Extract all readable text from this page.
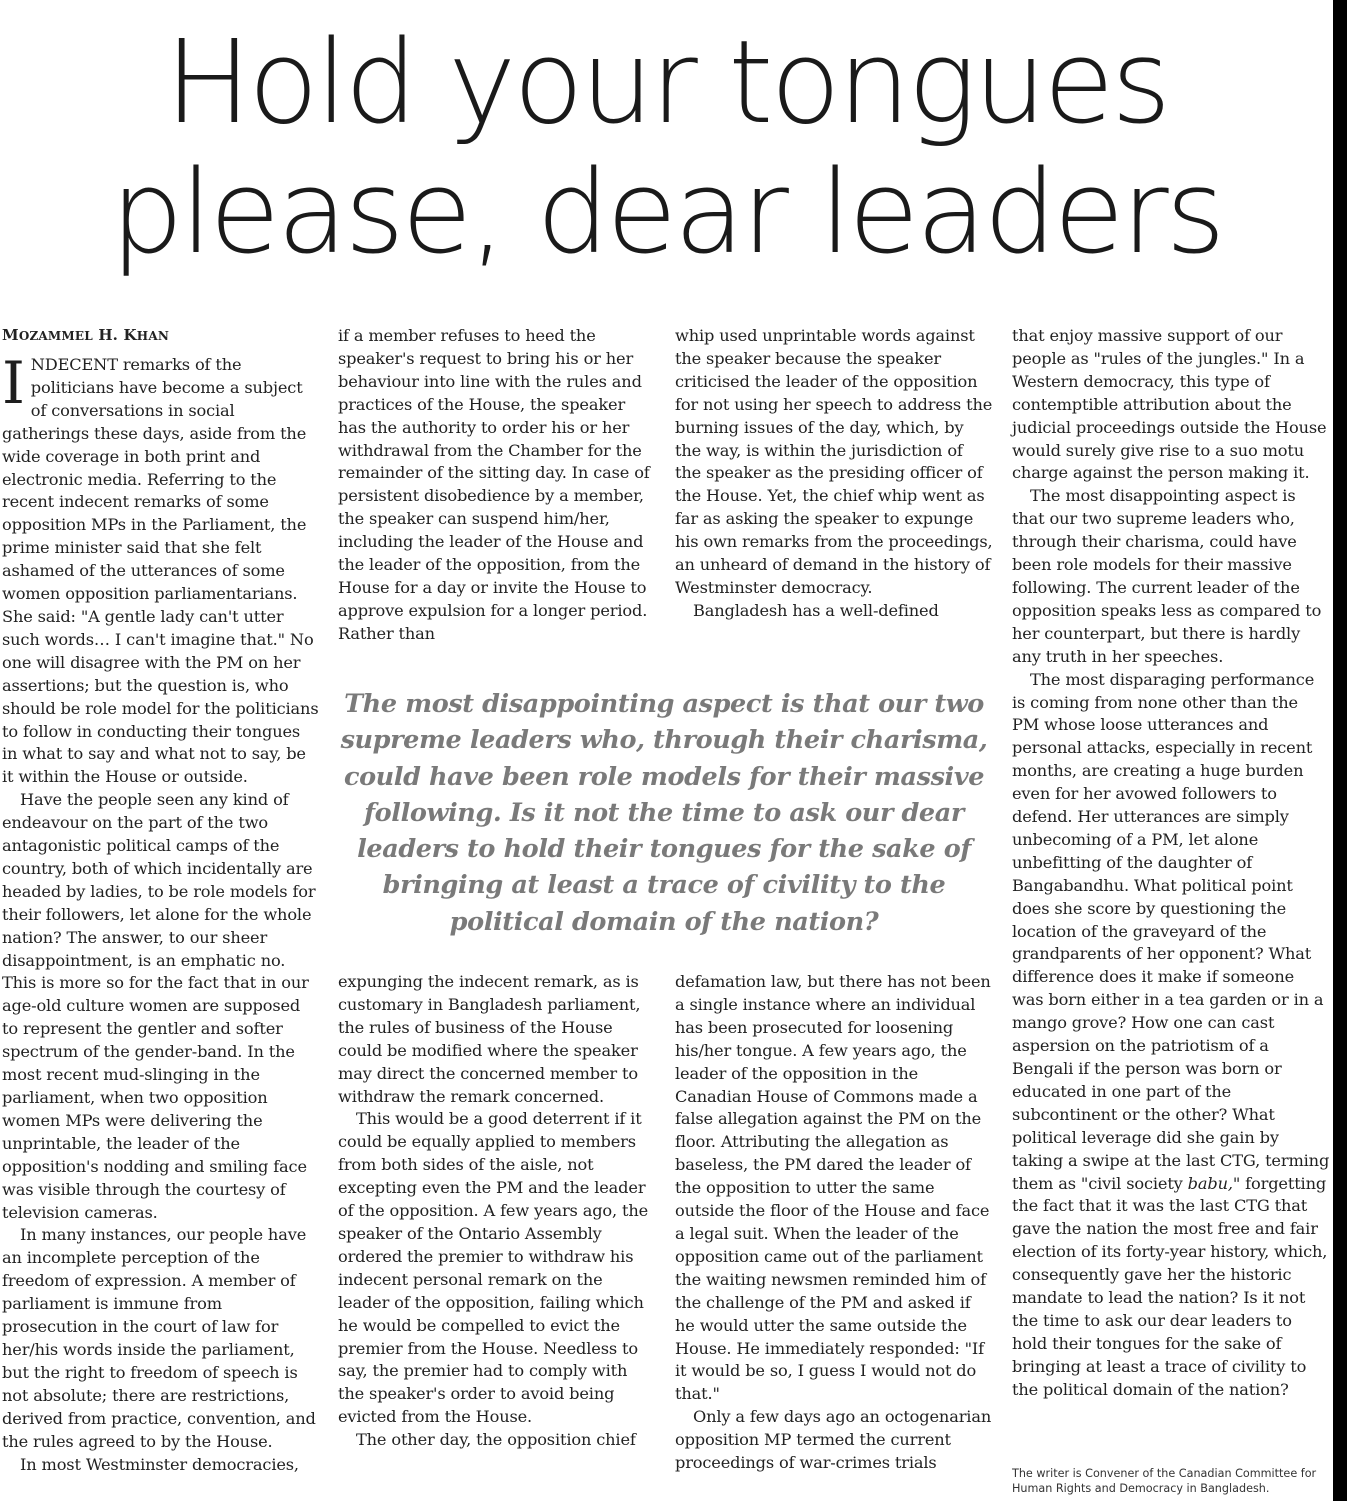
Hold your tongues
please, dear leaders
MOZAMMEL H. KHAN

INDECENT remarks of the politicians have become a subject of conversations in social gatherings these days, aside from the wide coverage in both print and electronic media. Referring to the recent indecent remarks of some opposition MPs in the Parliament, the prime minister said that she felt ashamed of the utterances of some women opposition parliamentarians. She said: "A gentle lady can't utter such words… I can't imagine that." No one will disagree with the PM on her assertions; but the question is, who should be role model for the politicians to follow in conducting their tongues in what to say and what not to say, be it within the House or outside.

Have the people seen any kind of endeavour on the part of the two antagonistic political camps of the country, both of which incidentally are headed by ladies, to be role models for their followers, let alone for the whole nation? The answer, to our sheer disappointment, is an emphatic no. This is more so for the fact that in our age-old culture women are supposed to represent the gentler and softer spectrum of the gender-band. In the most recent mud-slinging in the parliament, when two opposition women MPs were delivering the unprintable, the leader of the opposition's nodding and smiling face was visible through the courtesy of television cameras.

In many instances, our people have an incomplete perception of the freedom of expression. A member of parliament is immune from prosecution in the court of law for her/his words inside the parliament, but the right to freedom of speech is not absolute; there are restrictions, derived from practice, convention, and the rules agreed to by the House.

In most Westminster democracies,

if a member refuses to heed the speaker's request to bring his or her behaviour into line with the rules and practices of the House, the speaker has the authority to order his or her withdrawal from the Chamber for the remainder of the sitting day. In case of persistent disobedience by a member, the speaker can suspend him/her, including the leader of the House and the leader of the opposition, from the House for a day or invite the House to approve expulsion for a longer period. Rather than

whip used unprintable words against the speaker because the speaker criticised the leader of the opposition for not using her speech to address the burning issues of the day, which, by the way, is within the jurisdiction of the speaker as the presiding officer of the House. Yet, the chief whip went as far as asking the speaker to expunge his own remarks from the proceedings, an unheard of demand in the history of Westminster democracy.

Bangladesh has a well-defined

The most disappointing aspect is that our two supreme leaders who, through their charisma, could have been role models for their massive following. Is it not the time to ask our dear leaders to hold their tongues for the sake of bringing at least a trace of civility to the political domain of the nation?

expunging the indecent remark, as is customary in Bangladesh parliament, the rules of business of the House could be modified where the speaker may direct the concerned member to withdraw the remark concerned.

This would be a good deterrent if it could be equally applied to members from both sides of the aisle, not excepting even the PM and the leader of the opposition. A few years ago, the speaker of the Ontario Assembly ordered the premier to withdraw his indecent personal remark on the leader of the opposition, failing which he would be compelled to evict the premier from the House. Needless to say, the premier had to comply with the speaker's order to avoid being evicted from the House.

The other day, the opposition chief

defamation law, but there has not been a single instance where an individual has been prosecuted for loosening his/her tongue. A few years ago, the leader of the opposition in the Canadian House of Commons made a false allegation against the PM on the floor. Attributing the allegation as baseless, the PM dared the leader of the opposition to utter the same outside the floor of the House and face a legal suit. When the leader of the opposition came out of the parliament the waiting newsmen reminded him of the challenge of the PM and asked if he would utter the same outside the House. He immediately responded: "If it would be so, I guess I would not do that."

Only a few days ago an octogenarian opposition MP termed the current proceedings of war-crimes trials

that enjoy massive support of our people as "rules of the jungles." In a Western democracy, this type of contemptible attribution about the judicial proceedings outside the House would surely give rise to a suo motu charge against the person making it.

The most disappointing aspect is that our two supreme leaders who, through their charisma, could have been role models for their massive following. The current leader of the opposition speaks less as compared to her counterpart, but there is hardly any truth in her speeches.

The most disparaging performance is coming from none other than the PM whose loose utterances and personal attacks, especially in recent months, are creating a huge burden even for her avowed followers to defend. Her utterances are simply unbecoming of a PM, let alone unbefitting of the daughter of Bangabandhu. What political point does she score by questioning the location of the graveyard of the grandparents of her opponent? What difference does it make if someone was born either in a tea garden or in a mango grove? How one can cast aspersion on the patriotism of a Bengali if the person was born or educated in one part of the subcontinent or the other? What political leverage did she gain by taking a swipe at the last CTG, terming them as "civil society babu," forgetting the fact that it was the last CTG that gave the nation the most free and fair election of its forty-year history, which, consequently gave her the historic mandate to lead the nation? Is it not the time to ask our dear leaders to hold their tongues for the sake of bringing at least a trace of civility to the political domain of the nation?

The writer is Convener of the Canadian Committee for Human Rights and Democracy in Bangladesh.
